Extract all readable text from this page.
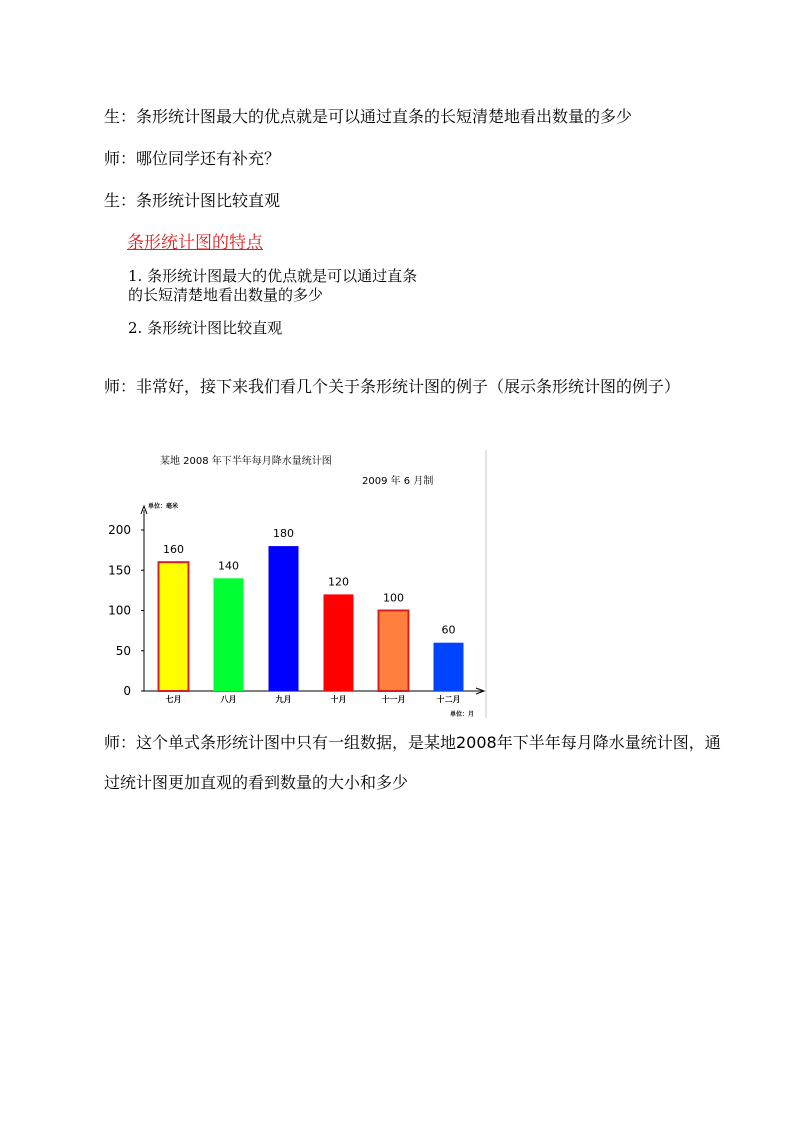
生：条形统计图最大的优点就是可以通过直条的长短清楚地看出数量的多少
师：哪位同学还有补充？
生：条形统计图比较直观
条形统计图的特点
1. 条形统计图最大的优点就是可以通过直条
的长短清楚地看出数量的多少
2. 条形统计图比较直观
师：非常好，接下来我们看几个关于条形统计图的例子（展示条形统计图的例子）
某地 2008 年下半年每月降水量统计图
2009 年 6 月制
单位：毫米
单位：月
0
50
100
150
200
160
七月
140
八月
180
九月
120
十月
100
十一月
60
十二月
师：这个单式条形统计图中只有一组数据，是某地2008年下半年每月降水量统计图，通过统计图更加直观的看到数量的大小和多少
